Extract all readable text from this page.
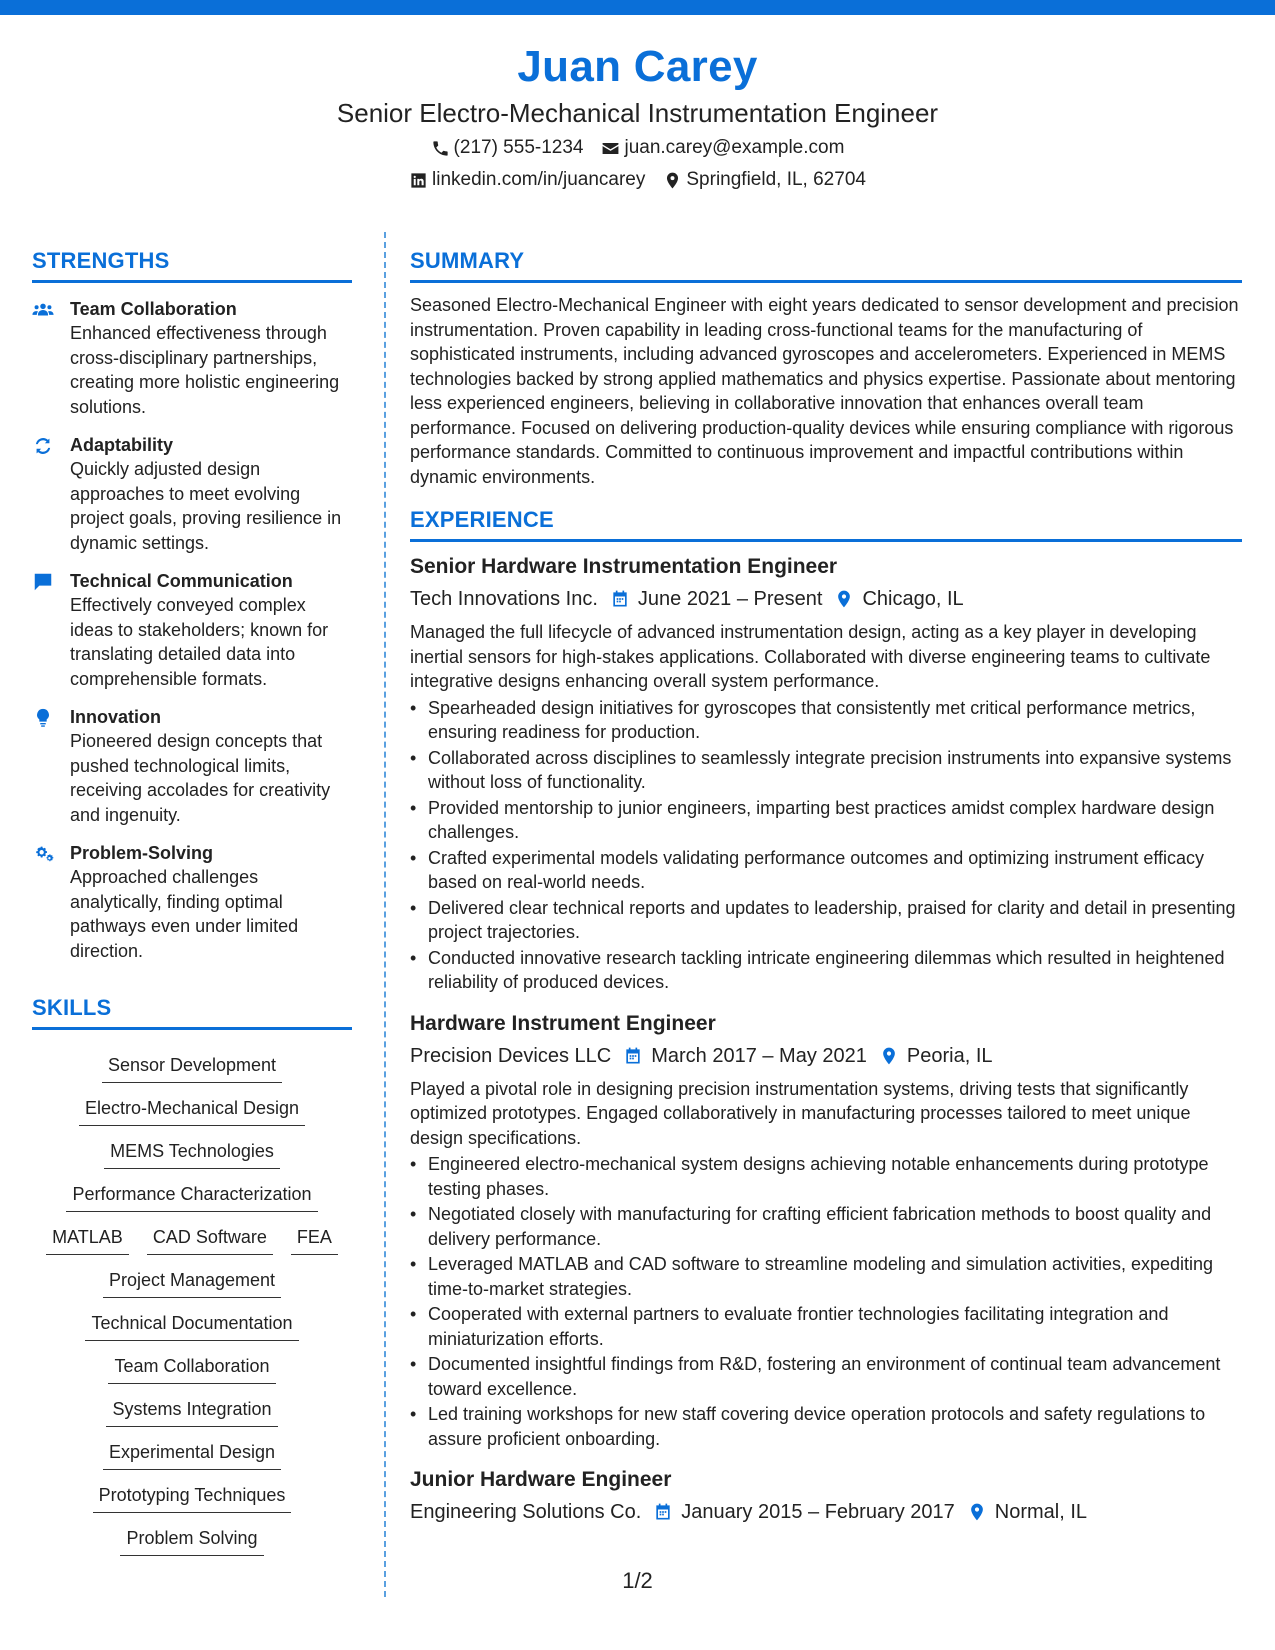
Juan Carey
Senior Electro-Mechanical Instrumentation Engineer
(217) 555-1234 juan.carey@example.com
linkedin.com/in/juancarey Springfield, IL, 62704
STRENGTHS
Team Collaboration
Enhanced effectiveness through cross-disciplinary partnerships, creating more holistic engineering solutions.
Adaptability
Quickly adjusted design approaches to meet evolving project goals, proving resilience in dynamic settings.
Technical Communication
Effectively conveyed complex ideas to stakeholders; known for translating detailed data into comprehensible formats.
Innovation
Pioneered design concepts that pushed technological limits, receiving accolades for creativity and ingenuity.
Problem-Solving
Approached challenges analytically, finding optimal pathways even under limited direction.
SKILLS
Sensor Development
Electro-Mechanical Design
MEMS Technologies
Performance Characterization
MATLAB	CAD Software	FEA
Project Management
Technical Documentation
Team Collaboration
Systems Integration
Experimental Design
Prototyping Techniques
Problem Solving
SUMMARY
Seasoned Electro-Mechanical Engineer with eight years dedicated to sensor development and precision instrumentation. Proven capability in leading cross-functional teams for the manufacturing of sophisticated instruments, including advanced gyroscopes and accelerometers. Experienced in MEMS technologies backed by strong applied mathematics and physics expertise. Passionate about mentoring less experienced engineers, believing in collaborative innovation that enhances overall team performance. Focused on delivering production-quality devices while ensuring compliance with rigorous performance standards. Committed to continuous improvement and impactful contributions within dynamic environments.
EXPERIENCE
Senior Hardware Instrumentation Engineer
Tech Innovations Inc. June 2021 – Present Chicago, IL
Managed the full lifecycle of advanced instrumentation design, acting as a key player in developing inertial sensors for high-stakes applications. Collaborated with diverse engineering teams to cultivate integrative designs enhancing overall system performance.
• Spearheaded design initiatives for gyroscopes that consistently met critical performance metrics, ensuring readiness for production.
• Collaborated across disciplines to seamlessly integrate precision instruments into expansive systems without loss of functionality.
• Provided mentorship to junior engineers, imparting best practices amidst complex hardware design challenges.
• Crafted experimental models validating performance outcomes and optimizing instrument efficacy based on real-world needs.
• Delivered clear technical reports and updates to leadership, praised for clarity and detail in presenting project trajectories.
• Conducted innovative research tackling intricate engineering dilemmas which resulted in heightened reliability of produced devices.
Hardware Instrument Engineer
Precision Devices LLC March 2017 – May 2021 Peoria, IL
Played a pivotal role in designing precision instrumentation systems, driving tests that significantly optimized prototypes. Engaged collaboratively in manufacturing processes tailored to meet unique design specifications.
• Engineered electro-mechanical system designs achieving notable enhancements during prototype testing phases.
• Negotiated closely with manufacturing for crafting efficient fabrication methods to boost quality and delivery performance.
• Leveraged MATLAB and CAD software to streamline modeling and simulation activities, expediting time-to-market strategies.
• Cooperated with external partners to evaluate frontier technologies facilitating integration and miniaturization efforts.
• Documented insightful findings from R&D, fostering an environment of continual team advancement toward excellence.
• Led training workshops for new staff covering device operation protocols and safety regulations to assure proficient onboarding.
Junior Hardware Engineer
Engineering Solutions Co. January 2015 – February 2017 Normal, IL
1/2
